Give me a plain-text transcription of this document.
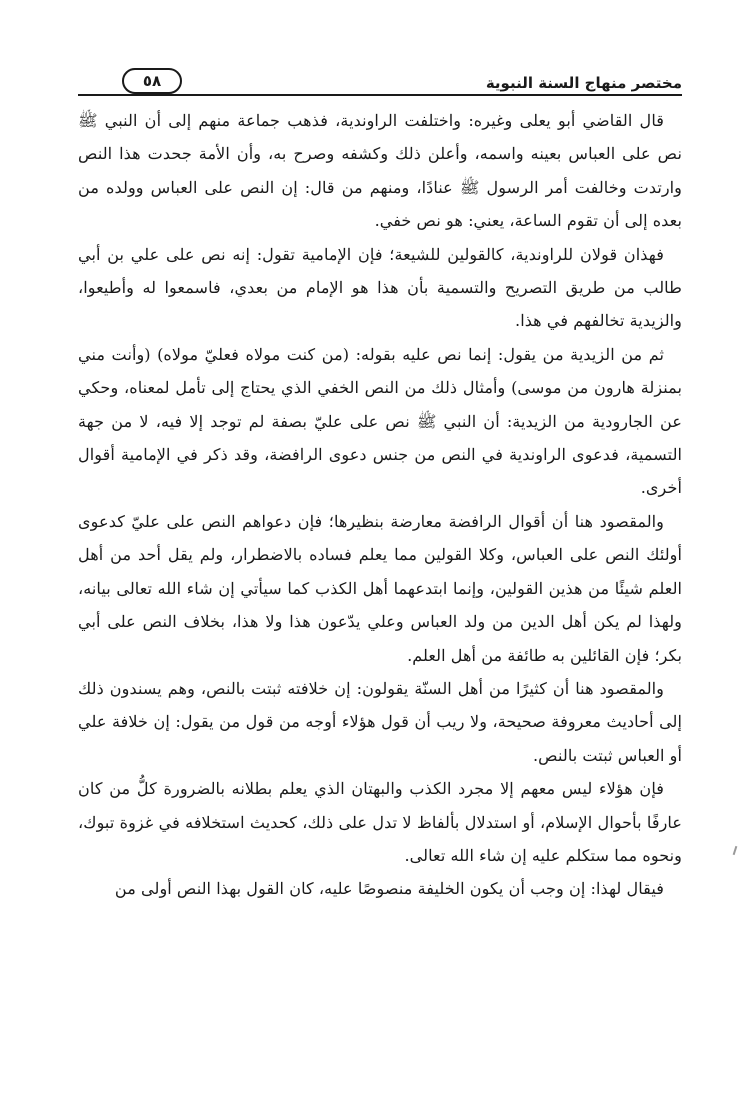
مختصر منهاج السنة النبوية
٥٨

قال القاضي أبو يعلى وغيره: واختلفت الراوندية، فذهب جماعة منهم إلى أن النبي ﷺ نص على العباس بعينه واسمه، وأعلن ذلك وكشفه وصرح به، وأن الأمة جحدت هذا النص وارتدت وخالفت أمر الرسول ﷺ عنادًا، ومنهم من قال: إن النص على العباس وولده من بعده إلى أن تقوم الساعة، يعني: هو نص خفي.

فهذان قولان للراوندية، كالقولين للشيعة؛ فإن الإمامية تقول: إنه نص على علي بن أبي طالب من طريق التصريح والتسمية بأن هذا هو الإمام من بعدي، فاسمعوا له وأطيعوا، والزيدية تخالفهم في هذا.

ثم من الزيدية من يقول: إنما نص عليه بقوله: (من كنت مولاه فعليّ مولاه) (وأنت مني بمنزلة هارون من موسى) وأمثال ذلك من النص الخفي الذي يحتاج إلى تأمل لمعناه، وحكي عن الجارودية من الزيدية: أن النبي ﷺ نص على عليّ بصفة لم توجد إلا فيه، لا من جهة التسمية، فدعوى الراوندية في النص من جنس دعوى الرافضة، وقد ذكر في الإمامية أقوال أخرى.

والمقصود هنا أن أقوال الرافضة معارضة بنظيرها؛ فإن دعواهم النص على عليّ كدعوى أولئك النص على العباس، وكلا القولين مما يعلم فساده بالاضطرار، ولم يقل أحد من أهل العلم شيئًا من هذين القولين، وإنما ابتدعهما أهل الكذب كما سيأتي إن شاء الله تعالى بيانه، ولهذا لم يكن أهل الدين من ولد العباس وعلي يدّعون هذا ولا هذا، بخلاف النص على أبي بكر؛ فإن القائلين به طائفة من أهل العلم.

والمقصود هنا أن كثيرًا من أهل السنّة يقولون: إن خلافته ثبتت بالنص، وهم يسندون ذلك إلى أحاديث معروفة صحيحة، ولا ريب أن قول هؤلاء أوجه من قول من يقول: إن خلافة علي أو العباس ثبتت بالنص.

فإن هؤلاء ليس معهم إلا مجرد الكذب والبهتان الذي يعلم بطلانه بالضرورة كلُّ من كان عارفًا بأحوال الإسلام، أو استدلال بألفاظ لا تدل على ذلك، كحديث استخلافه في غزوة تبوك، ونحوه مما ستكلم عليه إن شاء الله تعالى.

فيقال لهذا: إن وجب أن يكون الخليفة منصوصًا عليه، كان القول بهذا النص أولى من
